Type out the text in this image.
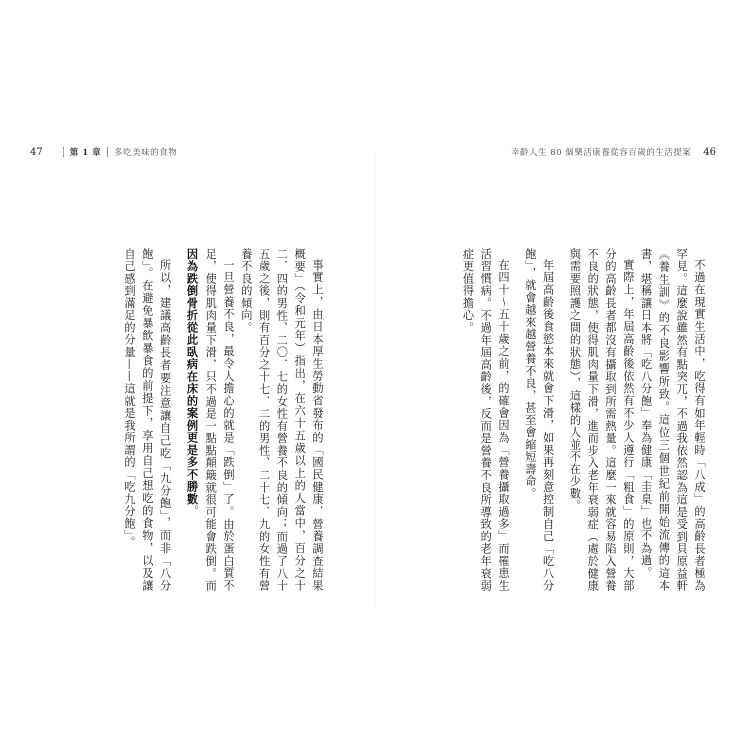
47	第 1 章 多吃美味的食物	幸齡人生 80 個樂活康養從容百歲的生活提案 46

不過在現實生活中，吃得有如年輕時「八成」的高齡長者極為罕見。這麼說雖然有點突兀，不過我依然認為這是受到貝原益軒《養生訓》的不良影響所致。這位三個世紀前開始流傳的這本書，堪稱讓日本將「吃八分飽」奉為健康「圭臬」也不為過。

實際上，年屆高齡後依然有不少人遵行「粗食」的原則，大部分的高齡長者都沒有攝取到所需熱量。這麼一來就容易陷入營養不良的狀態，使得肌肉量下滑，進而步入老年衰弱症（處於健康與需要照護之間的狀態），這樣的人並不在少數。

年屆高齡後食慾本來就會下滑，如果再刻意控制自己「吃八分飽」，就會越來越營養不良，甚至會縮短壽命。

在四十～五十歲之前，的確會因為「營養攝取過多」而罹患生活習慣病。不過年屆高齡後，反而是營養不良所導致的老年衰弱症更值得擔心。

事實上，由日本厚生勞動省發布的「國民健康．營養調查結果概要」（令和元年）指出，在六十五歲以上的人當中，百分之十二．四的男性、二〇．七的女性有營養不良的傾向；而過了八十五歲之後，則有百分之十七．二的男性、二十七．九的女性有營養不良的傾向。

一旦營養不良，最令人擔心的就是「跌倒」了。由於蛋白質不足，使得肌肉量下滑，只不過是一點點顛簸就很可能會跌倒。而因為跌倒骨折從此臥病在床的案例更是多不勝數。

所以，建議高齡長者要注意讓自己吃「九分飽」，而非「八分飽」。在避免暴飲暴食的前提下，享用自己想吃的食物，以及讓自己感到滿足的分量——這就是我所謂的「吃九分飽」。
